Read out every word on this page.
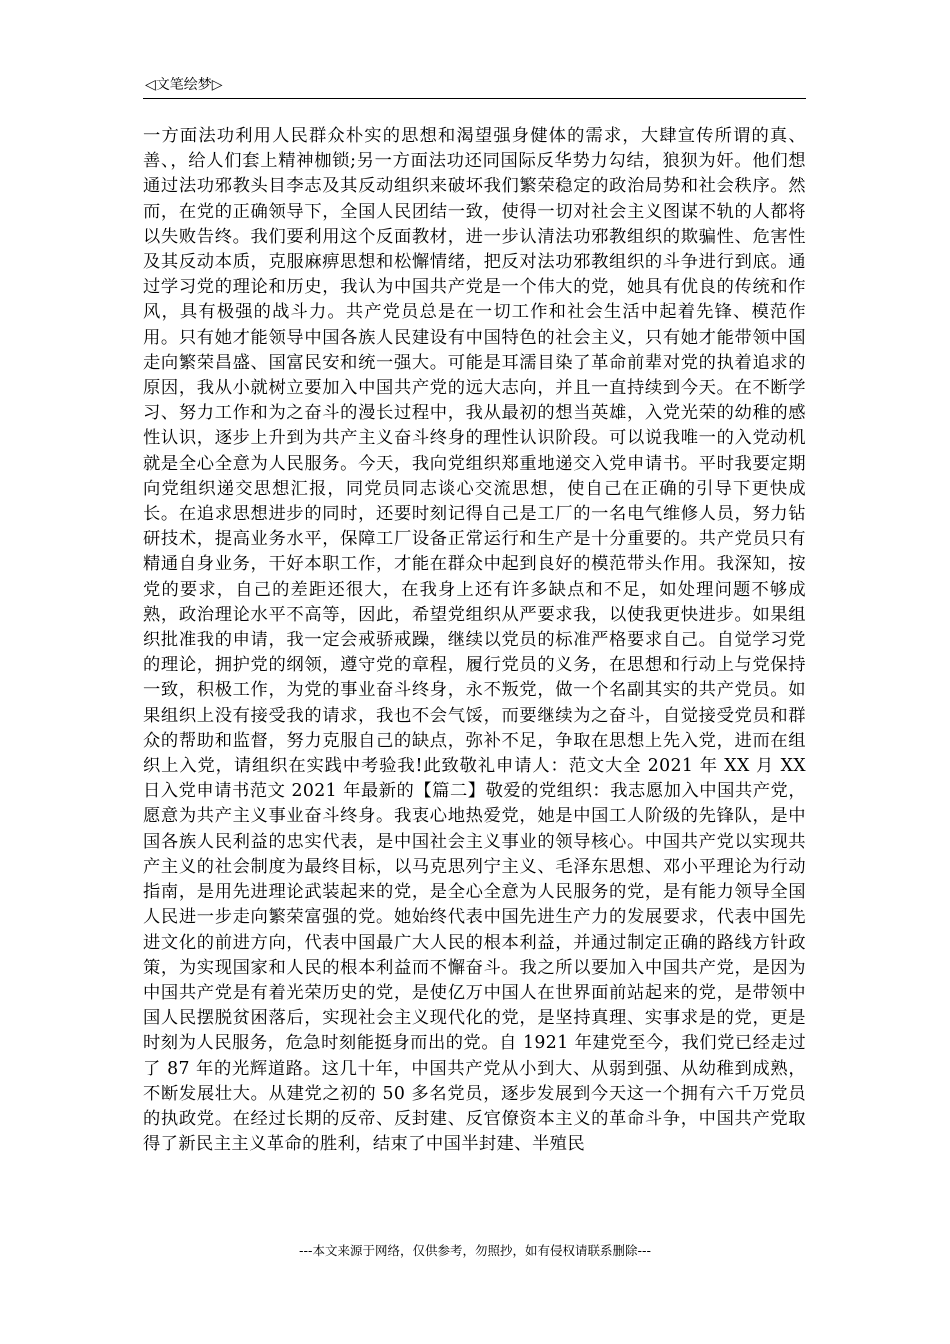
◁文笔绘梦▷

一方面法功利用人民群众朴实的思想和渴望强身健体的需求，大肆宣传所谓的真、善、，给人们套上精神枷锁;另一方面法功还同国际反华势力勾结，狼狈为奸。他们想通过法功邪教头目李志及其反动组织来破坏我们繁荣稳定的政治局势和社会秩序。然而，在党的正确领导下，全国人民团结一致，使得一切对社会主义图谋不轨的人都将以失败告终。我们要利用这个反面教材，进一步认清法功邪教组织的欺骗性、危害性及其反动本质，克服麻痹思想和松懈情绪，把反对法功邪教组织的斗争进行到底。通过学习党的理论和历史，我认为中国共产党是一个伟大的党，她具有优良的传统和作风，具有极强的战斗力。共产党员总是在一切工作和社会生活中起着先锋、模范作用。只有她才能领导中国各族人民建设有中国特色的社会主义，只有她才能带领中国走向繁荣昌盛、国富民安和统一强大。可能是耳濡目染了革命前辈对党的执着追求的原因，我从小就树立要加入中国共产党的远大志向，并且一直持续到今天。在不断学习、努力工作和为之奋斗的漫长过程中，我从最初的想当英雄，入党光荣的幼稚的感性认识，逐步上升到为共产主义奋斗终身的理性认识阶段。可以说我唯一的入党动机就是全心全意为人民服务。今天，我向党组织郑重地递交入党申请书。平时我要定期向党组织递交思想汇报，同党员同志谈心交流思想，使自己在正确的引导下更快成长。在追求思想进步的同时，还要时刻记得自己是工厂的一名电气维修人员，努力钻研技术，提高业务水平，保障工厂设备正常运行和生产是十分重要的。共产党员只有精通自身业务，干好本职工作，才能在群众中起到良好的模范带头作用。我深知，按党的要求，自己的差距还很大，在我身上还有许多缺点和不足，如处理问题不够成熟，政治理论水平不高等，因此，希望党组织从严要求我，以使我更快进步。如果组织批准我的申请，我一定会戒骄戒躁，继续以党员的标准严格要求自己。自觉学习党的理论，拥护党的纲领，遵守党的章程，履行党员的义务，在思想和行动上与党保持一致，积极工作，为党的事业奋斗终身，永不叛党，做一个名副其实的共产党员。如果组织上没有接受我的请求，我也不会气馁，而要继续为之奋斗，自觉接受党员和群众的帮助和监督，努力克服自己的缺点，弥补不足，争取在思想上先入党，进而在组织上入党，请组织在实践中考验我!此致敬礼申请人：范文大全 2021 年 XX 月 XX 日入党申请书范文 2021 年最新的【篇二】敬爱的党组织：我志愿加入中国共产党，愿意为共产主义事业奋斗终身。我衷心地热爱党，她是中国工人阶级的先锋队，是中国各族人民利益的忠实代表，是中国社会主义事业的领导核心。中国共产党以实现共产主义的社会制度为最终目标，以马克思列宁主义、毛泽东思想、邓小平理论为行动指南，是用先进理论武装起来的党，是全心全意为人民服务的党，是有能力领导全国人民进一步走向繁荣富强的党。她始终代表中国先进生产力的发展要求，代表中国先进文化的前进方向，代表中国最广大人民的根本利益，并通过制定正确的路线方针政策，为实现国家和人民的根本利益而不懈奋斗。我之所以要加入中国共产党，是因为中国共产党是有着光荣历史的党，是使亿万中国人在世界面前站起来的党，是带领中国人民摆脱贫困落后，实现社会主义现代化的党，是坚持真理、实事求是的党，更是时刻为人民服务，危急时刻能挺身而出的党。自 1921 年建党至今，我们党已经走过了 87 年的光辉道路。这几十年，中国共产党从小到大、从弱到强、从幼稚到成熟，不断发展壮大。从建党之初的 50 多名党员，逐步发展到今天这一个拥有六千万党员的执政党。在经过长期的反帝、反封建、反官僚资本主义的革命斗争，中国共产党取得了新民主主义革命的胜利，结束了中国半封建、半殖民

---本文来源于网络，仅供参考，勿照抄，如有侵权请联系删除---
